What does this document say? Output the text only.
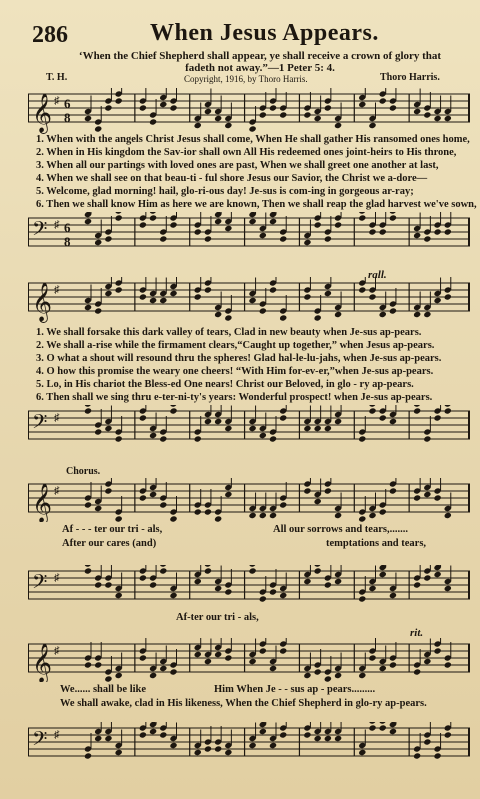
286	When Jesus Appears.
‘When the Chief Shepherd shall appear, ye shall receive a crown of glory that
fadeth not away.”—1 Peter 5: 4.
T. H.	Copyright, 1916, by Thoro Harris.	Thoro Harris.
𝄞 ♯ 6
8
1. When with the angels Christ Jesus shall come, When He shall gather His ransomed ones home,
2. When in His kingdom the Sav-ior shall own All His redeemed ones joint-heirs to His throne,
3. When all our partings with loved ones are past, When we shall greet one another at last,
4. When we shall see on that beau-ti - ful shore Jesus our Savior, the Christ we a-dore—
5. Welcome, glad morning! hail, glo-ri-ous day! Je-sus is com-ing in gorgeous ar-ray;
6. Then we shall know Him as here we are known, Then we shall reap the glad harvest we've sown,
𝄢 ♯ 6
8
𝄞 ♯
rall.
1. We shall forsake this dark valley of tears, Clad in new beauty when Je-sus ap-pears.
2. We shall a-rise while the firmament clears,“Caught up together,” when Jesus ap-pears.
3. O what a shout will resound thru the spheres! Glad hal-le-lu-jahs, when Je-sus ap-pears.
4. O how this promise the weary one cheers! “With Him for-ev-er,”when Je-sus ap-pears.
5. Lo, in His chariot the Bless-ed One nears! Christ our Beloved, in glo - ry ap-pears.
6. Then shall we sing thru e-ter-ni-ty's years: Wonderful prospect! when Je-sus ap-pears.
𝄢 ♯
Chorus.
𝄞 ♯
Af - - - ter our tri - als,	All our sorrows and tears,.......
After our cares (and)	temptations and tears,
𝄢 ♯
Af-ter our tri - als,
rit.
𝄞 ♯
We...... shall be like	Him When Je - - sus ap - pears.........
We shall awake, clad in His likeness, When the Chief Shepherd in glo-ry ap-pears.
𝄢 ♯
